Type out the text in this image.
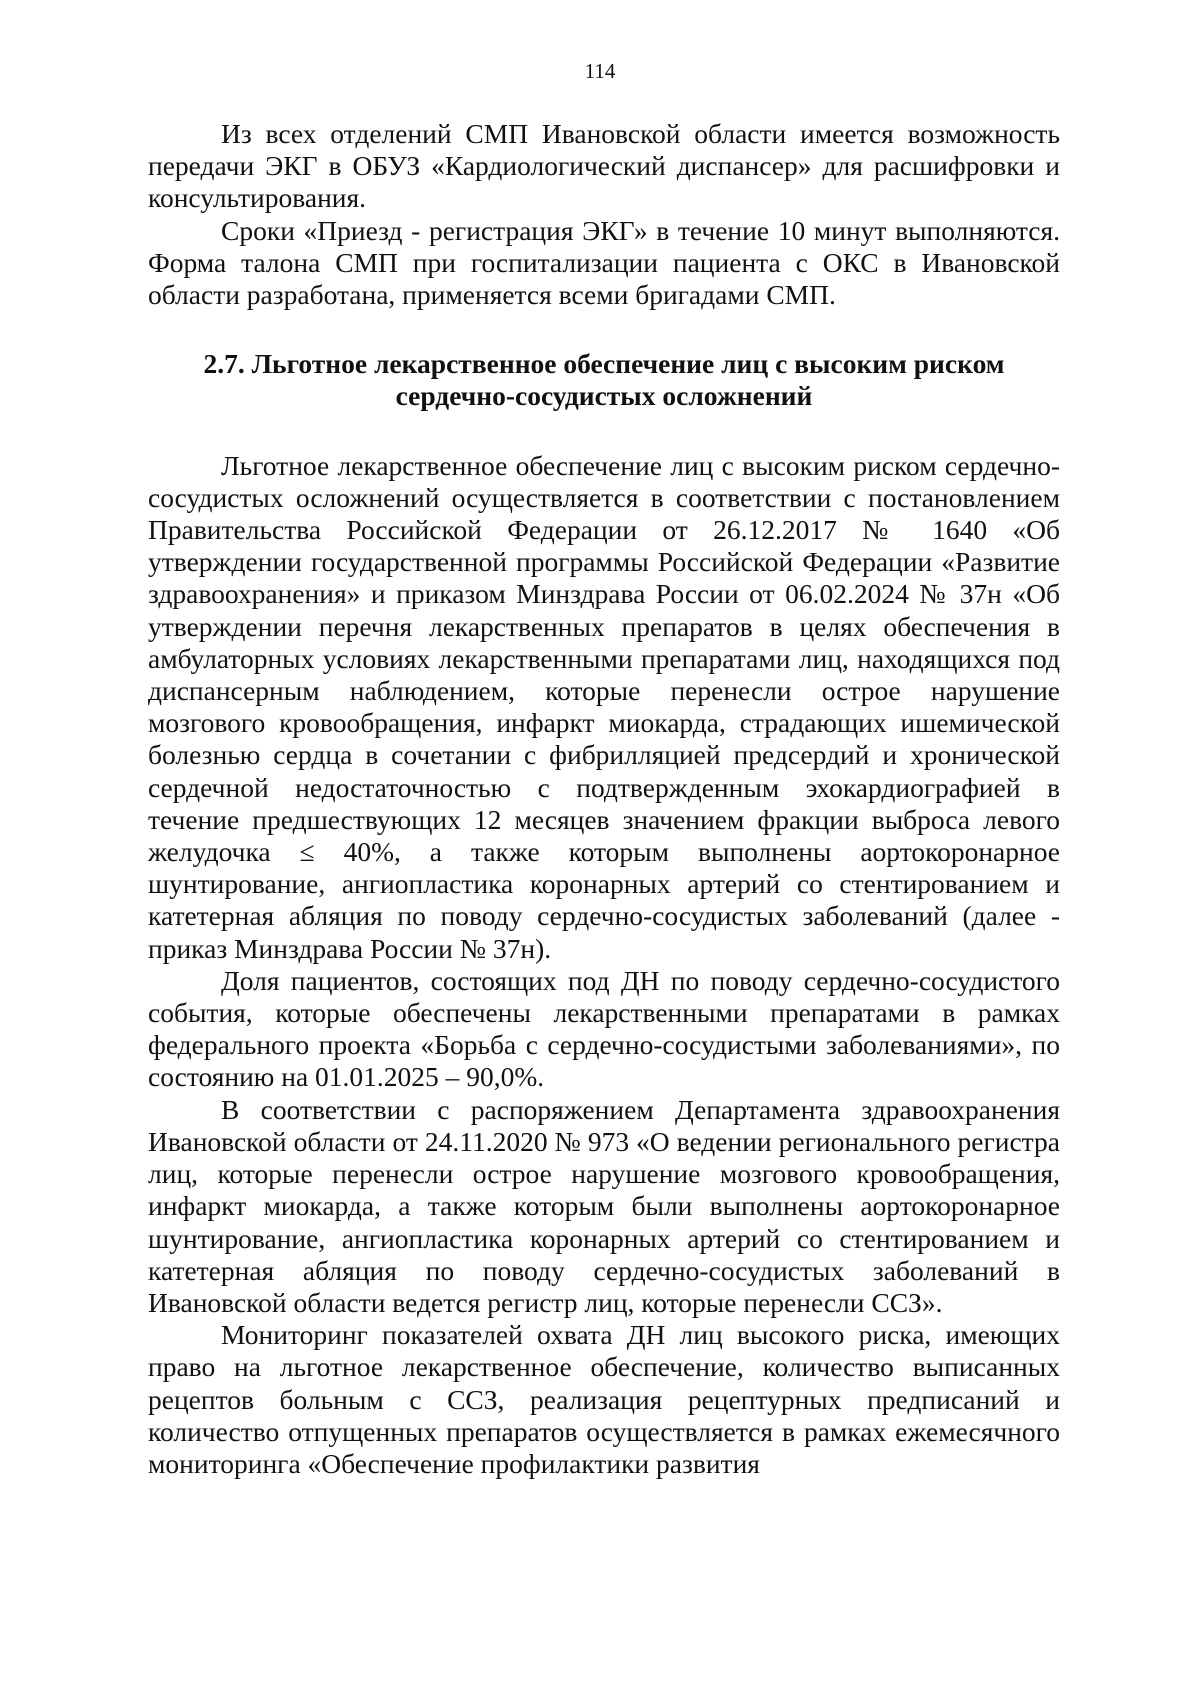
114

Из всех отделений СМП Ивановской области имеется возможность передачи ЭКГ в ОБУЗ «Кардиологический диспансер» для расшифровки и консультирования.

Сроки «Приезд - регистрация ЭКГ» в течение 10 минут выполняются. Форма талона СМП при госпитализации пациента с ОКС в Ивановской области разработана, применяется всеми бригадами СМП.

2.7. Льготное лекарственное обеспечение лиц с высоким риском
сердечно-сосудистых осложнений

Льготное лекарственное обеспечение лиц с высоким риском сердечно-сосудистых осложнений осуществляется в соответствии с постановлением Правительства Российской Федерации от 26.12.2017 № 1640 «Об утверждении государственной программы Российской Федерации «Развитие здравоохранения» и приказом Минздрава России от 06.02.2024 № 37н «Об утверждении перечня лекарственных препаратов в целях обеспечения в амбулаторных условиях лекарственными препаратами лиц, находящихся под диспансерным наблюдением, которые перенесли острое нарушение мозгового кровообращения, инфаркт миокарда, страдающих ишемической болезнью сердца в сочетании с фибрилляцией предсердий и хронической сердечной недостаточностью с подтвержденным эхокардиографией в течение предшествующих 12 месяцев значением фракции выброса левого желудочка ≤ 40%, а также которым выполнены аортокоронарное шунтирование, ангиопластика коронарных артерий со стентированием и катетерная абляция по поводу сердечно-сосудистых заболеваний (далее - приказ Минздрава России № 37н).

Доля пациентов, состоящих под ДН по поводу сердечно-сосудистого события, которые обеспечены лекарственными препаратами в рамках федерального проекта «Борьба с сердечно-сосудистыми заболеваниями», по состоянию на 01.01.2025 – 90,0%.

В соответствии с распоряжением Департамента здравоохранения Ивановской области от 24.11.2020 № 973 «О ведении регионального регистра лиц, которые перенесли острое нарушение мозгового кровообращения, инфаркт миокарда, а также которым были выполнены аортокоронарное шунтирование, ангиопластика коронарных артерий со стентированием и катетерная абляция по поводу сердечно-сосудистых заболеваний в Ивановской области ведется регистр лиц, которые перенесли ССЗ».

Мониторинг показателей охвата ДН лиц высокого риска, имеющих право на льготное лекарственное обеспечение, количество выписанных рецептов больным с ССЗ, реализация рецептурных предписаний и количество отпущенных препаратов осуществляется в рамках ежемесячного мониторинга «Обеспечение профилактики развития
